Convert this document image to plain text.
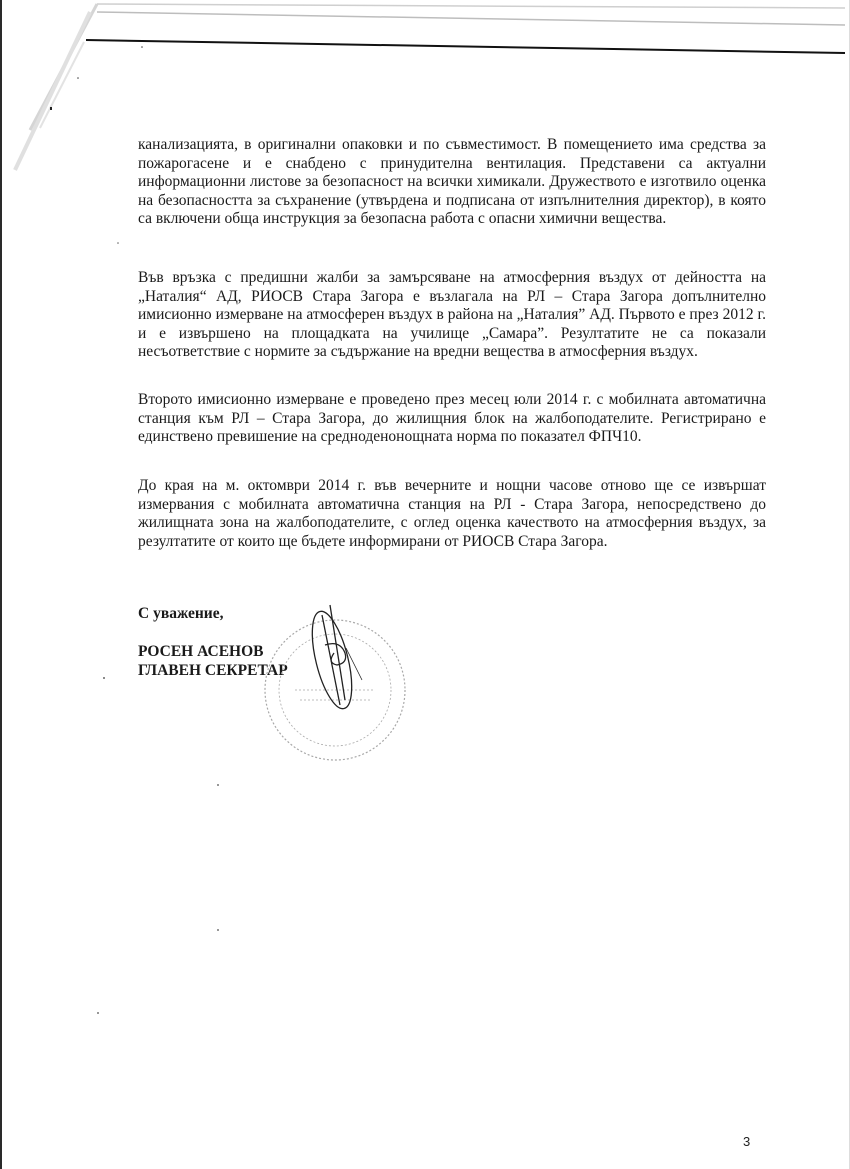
канализацията, в оригинални опаковки и по съвместимост. В помещението има средства за пожарогасене и е снабдено с принудителна вентилация. Представени са актуални информационни листове за безопасност на всички химикали. Дружеството е изготвило оценка на безопасността за съхранение (утвърдена и подписана от изпълнителния директор), в която са включени обща инструкция за безопасна работа с опасни химични вещества.

Във връзка с предишни жалби за замърсяване на атмосферния въздух от дейността на „Наталия“ АД, РИОСВ Стара Загора е възлагала на РЛ – Стара Загора допълнително имисионно измерване на атмосферен въздух в района на „Наталия” АД. Първото е през 2012 г. и е извършено на площадката на училище „Самара”. Резултатите не са показали несъответствие с нормите за съдържание на вредни вещества в атмосферния въздух.

Второто имисионно измерване е проведено през месец юли 2014 г. с мобилната автоматична станция към РЛ – Стара Загора, до жилищния блок на жалбоподателите. Регистрирано е единствено превишение на средноденонощната норма по показател ФПЧ10.

До края на м. октомври 2014 г. във вечерните и нощни часове отново ще се извършат измервания с мобилната автоматична станция на РЛ - Стара Загора, непосредствено до жилищната зона на жалбоподателите, с оглед оценка качеството на атмосферния въздух, за резултатите от които ще бъдете информирани от РИОСВ Стара Загора.

С уважение,
РОСЕН АСЕНОВ
ГЛАВЕН СЕКРЕТАР
3
